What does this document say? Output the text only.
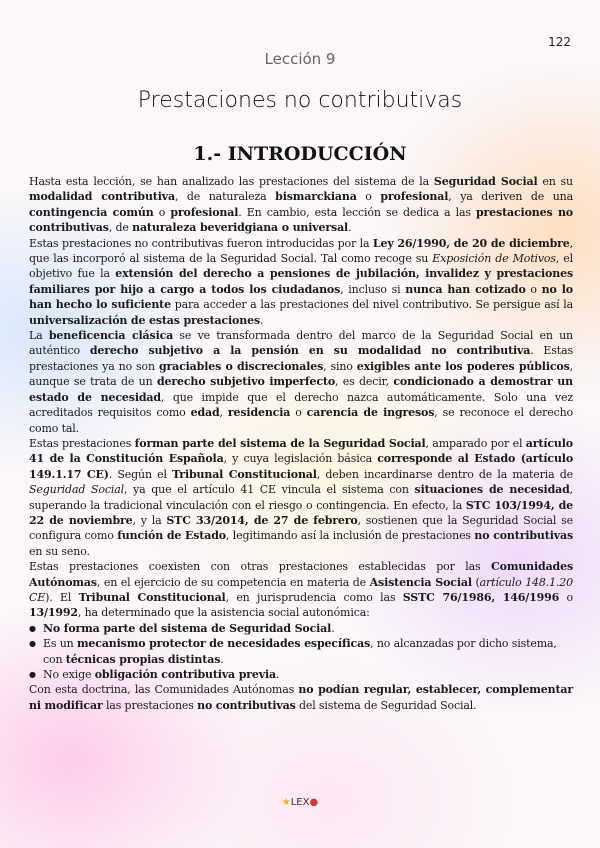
122
Lección 9
Prestaciones no contributivas
1.- INTRODUCCIÓN

Hasta esta lección, se han analizado las prestaciones del sistema de la Seguridad Social en su modalidad contributiva, de naturaleza bismarckiana o profesional, ya deriven de una contingencia común o profesional. En cambio, esta lección se dedica a las prestaciones no contributivas, de naturaleza beveridgiana o universal.

Estas prestaciones no contributivas fueron introducidas por la Ley 26/1990, de 20 de diciembre, que las incorporó al sistema de la Seguridad Social. Tal como recoge su Exposición de Motivos, el objetivo fue la extensión del derecho a pensiones de jubilación, invalidez y prestaciones familiares por hijo a cargo a todos los ciudadanos, incluso si nunca han cotizado o no lo han hecho lo suficiente para acceder a las prestaciones del nivel contributivo. Se persigue así la universalización de estas prestaciones.

La beneficencia clásica se ve transformada dentro del marco de la Seguridad Social en un auténtico derecho subjetivo a la pensión en su modalidad no contributiva. Estas prestaciones ya no son graciables o discrecionales, sino exigibles ante los poderes públicos, aunque se trata de un derecho subjetivo imperfecto, es decir, condicionado a demostrar un estado de necesidad, que impide que el derecho nazca automáticamente. Solo una vez acreditados requisitos como edad, residencia o carencia de ingresos, se reconoce el derecho como tal.

Estas prestaciones forman parte del sistema de la Seguridad Social, amparado por el artículo 41 de la Constitución Española, y cuya legislación básica corresponde al Estado (artículo 149.1.17 CE). Según el Tribunal Constitucional, deben incardinarse dentro de la materia de Seguridad Social, ya que el artículo 41 CE vincula el sistema con situaciones de necesidad, superando la tradicional vinculación con el riesgo o contingencia. En efecto, la STC 103/1994, de 22 de noviembre, y la STC 33/2014, de 27 de febrero, sostienen que la Seguridad Social se configura como función de Estado, legitimando así la inclusión de prestaciones no contributivas en su seno.

Estas prestaciones coexisten con otras prestaciones establecidas por las Comunidades Autónomas, en el ejercicio de su competencia en materia de Asistencia Social (artículo 148.1.20 CE). El Tribunal Constitucional, en jurisprudencia como las SSTC 76/1986, 146/1996 o 13/1992, ha determinado que la asistencia social autonómica:

● No forma parte del sistema de Seguridad Social.
● Es un mecanismo protector de necesidades específicas, no alcanzadas por dicho sistema, con técnicas propias distintas.
● No exige obligación contributiva previa.

Con esta doctrina, las Comunidades Autónomas no podían regular, establecer, complementar ni modificar las prestaciones no contributivas del sistema de Seguridad Social.

★LEX●
